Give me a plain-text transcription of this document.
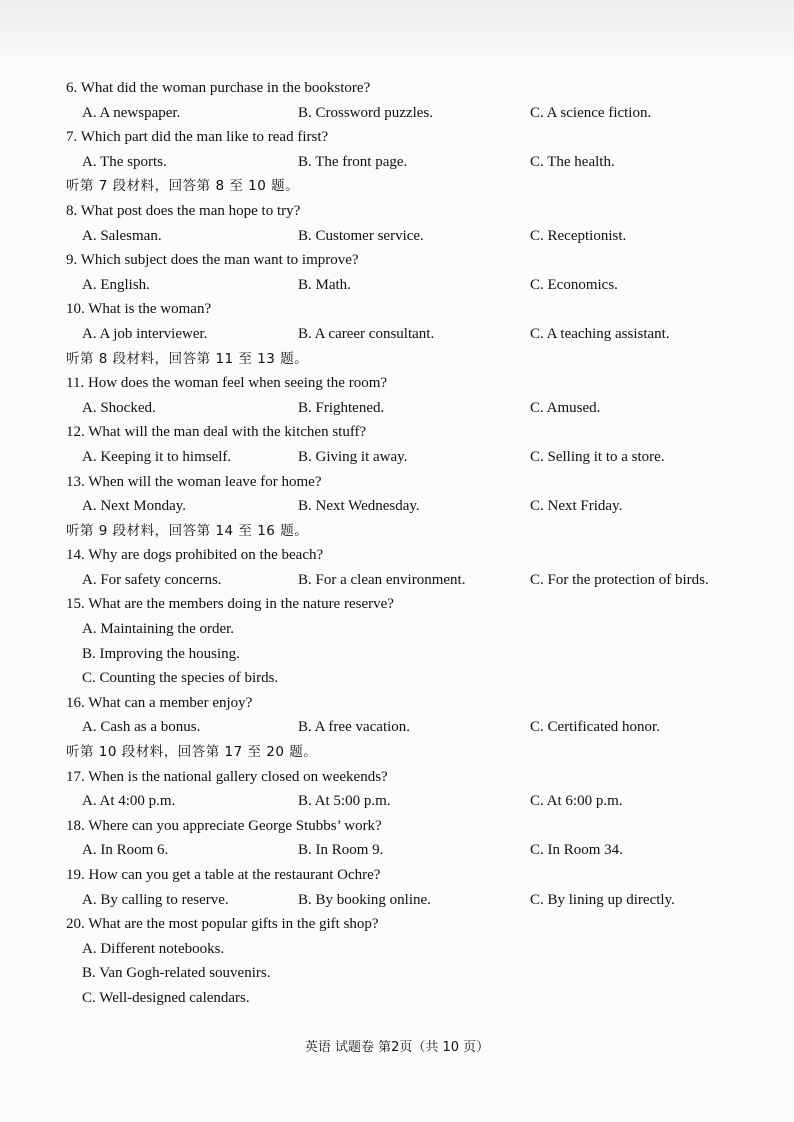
6. What did the woman purchase in the bookstore?
A. A newspaper.	B. Crossword puzzles.	C. A science fiction.
7. Which part did the man like to read first?
A. The sports.	B. The front page.	C. The health.
听第 7 段材料，回答第 8 至 10 题。
8. What post does the man hope to try?
A. Salesman.	B. Customer service.	C. Receptionist.
9. Which subject does the man want to improve?
A. English.	B. Math.	C. Economics.
10. What is the woman?
A. A job interviewer.	B. A career consultant.	C. A teaching assistant.
听第 8 段材料，回答第 11 至 13 题。
11. How does the woman feel when seeing the room?
A. Shocked.	B. Frightened.	C. Amused.
12. What will the man deal with the kitchen stuff?
A. Keeping it to himself.	B. Giving it away.	C. Selling it to a store.
13. When will the woman leave for home?
A. Next Monday.	B. Next Wednesday.	C. Next Friday.
听第 9 段材料，回答第 14 至 16 题。
14. Why are dogs prohibited on the beach?
A. For safety concerns.	B. For a clean environment.	C. For the protection of birds.
15. What are the members doing in the nature reserve?
A. Maintaining the order.
B. Improving the housing.
C. Counting the species of birds.
16. What can a member enjoy?
A. Cash as a bonus.	B. A free vacation.	C. Certificated honor.
听第 10 段材料，回答第 17 至 20 题。
17. When is the national gallery closed on weekends?
A. At 4:00 p.m.	B. At 5:00 p.m.	C. At 6:00 p.m.
18. Where can you appreciate George Stubbs’ work?
A. In Room 6.	B. In Room 9.	C. In Room 34.
19. How can you get a table at the restaurant Ochre?
A. By calling to reserve.	B. By booking online.	C. By lining up directly.
20. What are the most popular gifts in the gift shop?
A. Different notebooks.
B. Van Gogh-related souvenirs.
C. Well-designed calendars.
英语 试题卷 第2页（共 10 页）
